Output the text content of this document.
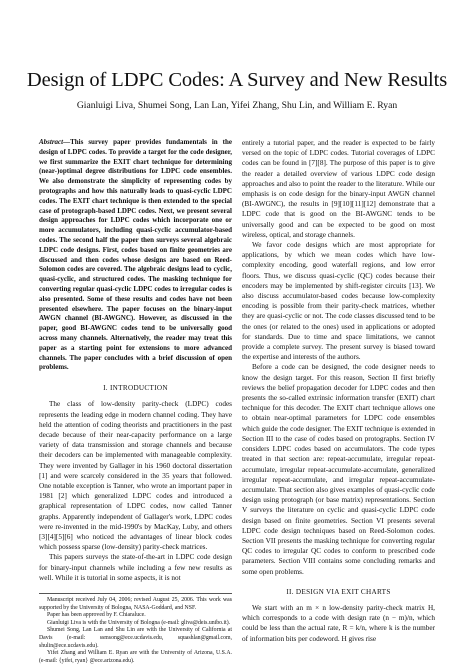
Design of LDPC Codes: A Survey and New Results
Gianluigi Liva, Shumei Song, Lan Lan, Yifei Zhang, Shu Lin, and William E. Ryan

Abstract—This survey paper provides fundamentals in the design of LDPC codes. To provide a target for the code designer, we first summarize the EXIT chart technique for determining (near-)optimal degree distributions for LDPC code ensembles. We also demonstrate the simplicity of representing codes by protographs and how this naturally leads to quasi-cyclic LDPC codes. The EXIT chart technique is then extended to the special case of protograph-based LDPC codes. Next, we present several design approaches for LDPC codes which incorporate one or more accumulators, including quasi-cyclic accumulator-based codes. The second half the paper then surveys several algebraic LDPC code designs. First, codes based on finite geometries are discussed and then codes whose designs are based on Reed-Solomon codes are covered. The algebraic designs lead to cyclic, quasi-cyclic, and structured codes. The masking technique for converting regular quasi-cyclic LDPC codes to irregular codes is also presented. Some of these results and codes have not been presented elsewhere. The paper focuses on the binary-input AWGN channel (BI-AWGNC). However, as discussed in the paper, good BI-AWGNC codes tend to be universally good across many channels. Alternatively, the reader may treat this paper as a starting point for extensions to more advanced channels. The paper concludes with a brief discussion of open problems.

I. INTRODUCTION

The class of low-density parity-check (LDPC) codes represents the leading edge in modern channel coding. They have held the attention of coding theorists and practitioners in the past decade because of their near-capacity performance on a large variety of data transmission and storage channels and because their decoders can be implemented with manageable complexity. They were invented by Gallager in his 1960 doctoral dissertation [1] and were scarcely considered in the 35 years that followed. One notable exception is Tanner, who wrote an important paper in 1981 [2] which generalized LDPC codes and introduced a graphical representation of LDPC codes, now called Tanner graphs. Apparently independent of Gallager's work, LDPC codes were re-invented in the mid-1990's by MacKay, Luby, and others [3][4][5][6] who noticed the advantages of linear block codes which possess sparse (low-density) parity-check matrices.

This papers surveys the state-of-the-art in LDPC code design for binary-input channels while including a few new results as well. While it is tutorial in some aspects, it is not

Manuscript received July 04, 2006; revised August 25, 2006. This work was supported by the University of Bologna, NASA-Goddard, and NSF.

Paper has been approved by F. Chiaraluce.

Gianluigi Liva is with the University of Bologna (e-mail: gliva@deis.unibo.it).

Shumei Song, Lan Lan and Shu Lin are with the University of California at Davis (e-mail: ssmsong@ece.ucdavis.edu, squashlan@gmail.com, shulin@ece.ucdavis.edu).

Yifei Zhang and William E. Ryan are with the University of Arizona, U.S.A. (e-mail: {yifei, ryan} @ece.arizona.edu).

entirely a tutorial paper, and the reader is expected to be fairly versed on the topic of LDPC codes. Tutorial coverages of LDPC codes can be found in [7][8]. The purpose of this paper is to give the reader a detailed overview of various LDPC code design approaches and also to point the reader to the literature. While our emphasis is on code design for the binary-input AWGN channel (BI-AWGNC), the results in [9][10][11][12] demonstrate that a LDPC code that is good on the BI-AWGNC tends to be universally good and can be expected to be good on most wireless, optical, and storage channels.

We favor code designs which are most appropriate for applications, by which we mean codes which have low-complexity encoding, good waterfall regions, and low error floors. Thus, we discuss quasi-cyclic (QC) codes because their encoders may be implemented by shift-register circuits [13]. We also discuss accumulator-based codes because low-complexity encoding is possible from their parity-check matrices, whether they are quasi-cyclic or not. The code classes discussed tend to be the ones (or related to the ones) used in applications or adopted for standards. Due to time and space limitations, we cannot provide a complete survey. The present survey is biased toward the expertise and interests of the authors.

Before a code can be designed, the code designer needs to know the design target. For this reason, Section II first briefly reviews the belief propagation decoder for LDPC codes and then presents the so-called extrinsic information transfer (EXIT) chart technique for this decoder. The EXIT chart technique allows one to obtain near-optimal parameters for LDPC code ensembles which guide the code designer. The EXIT technique is extended in Section III to the case of codes based on protographs. Section IV considers LDPC codes based on accumulators. The code types treated in that section are: repeat-accumulate, irregular repeat-accumulate, irregular repeat-accumulate-accumulate, generalized irregular repeat-accumulate, and irregular repeat-accumulate-accumulate. That section also gives examples of quasi-cyclic code design using protograph (or base matrix) representations. Section V surveys the literature on cyclic and quasi-cyclic LDPC code design based on finite geometries. Section VI presents several LDPC code design techniques based on Reed-Solomon codes. Section VII presents the masking technique for converting regular QC codes to irregular QC codes to conform to prescribed code parameters. Section VIII contains some concluding remarks and some open problems.

II. DESIGN VIA EXIT CHARTS

We start with an m × n low-density parity-check matrix H, which corresponds to a code with design rate (n − m)/n, which could be less than the actual rate, R = k/n, where k is the number of information bits per codeword. H gives rise
